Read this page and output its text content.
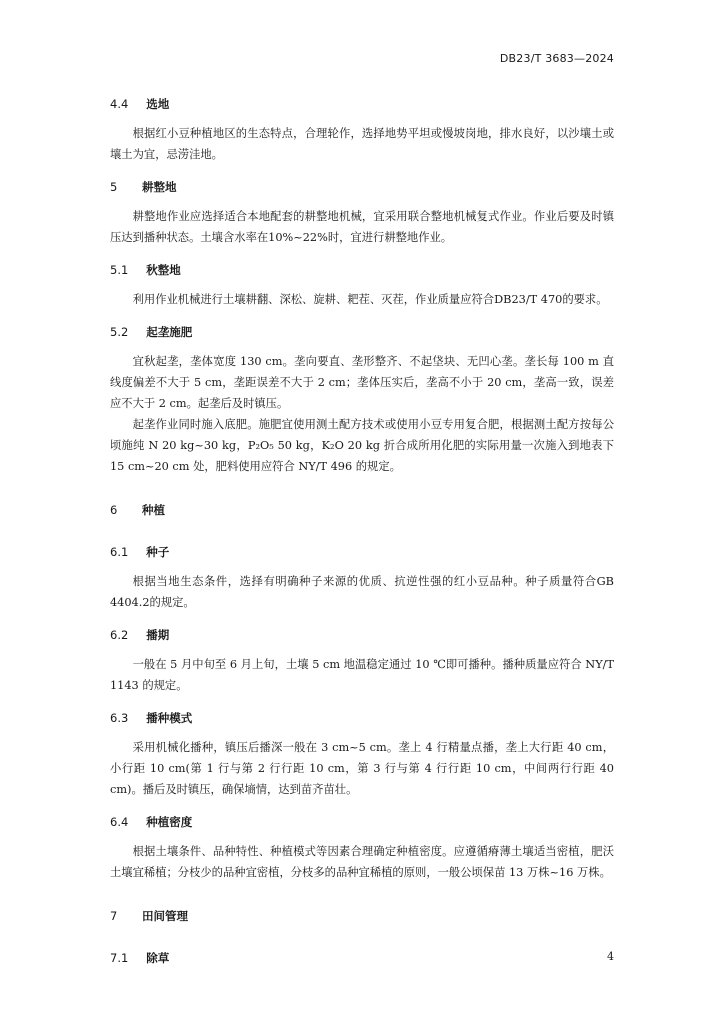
DB23/T 3683—2024
4.4 选地

根据红小豆种植地区的生态特点，合理轮作，选择地势平坦或慢坡岗地，排水良好，以沙壤土或壤土为宜，忌涝洼地。

5	耕整地

耕整地作业应选择适合本地配套的耕整地机械，宜采用联合整地机械复式作业。作业后要及时镇压达到播种状态。土壤含水率在10%~22%时，宜进行耕整地作业。

5.1 秋整地

利用作业机械进行土壤耕翻、深松、旋耕、耙茬、灭茬，作业质量应符合DB23/T 470的要求。

5.2 起垄施肥

宜秋起垄，垄体宽度 130 cm。垄向要直、垄形整齐、不起垡块、无凹心垄。垄长每 100 m 直线度偏差不大于 5 cm，垄距误差不大于 2 cm；垄体压实后，垄高不小于 20 cm，垄高一致，误差应不大于 2 cm。起垄后及时镇压。

起垄作业同时施入底肥。施肥宜使用测土配方技术或使用小豆专用复合肥，根据测土配方按每公顷施纯 N 20 kg~30 kg，P₂O₅ 50 kg，K₂O 20 kg 折合成所用化肥的实际用量一次施入到地表下 15 cm~20 cm 处，肥料使用应符合 NY/T 496 的规定。

6	种植
6.1 种子

根据当地生态条件，选择有明确种子来源的优质、抗逆性强的红小豆品种。种子质量符合GB 4404.2的规定。

6.2 播期

一般在 5 月中旬至 6 月上旬，土壤 5 cm 地温稳定通过 10 ℃即可播种。播种质量应符合 NY/T 1143 的规定。

6.3 播种模式

采用机械化播种，镇压后播深一般在 3 cm~5 cm。垄上 4 行精量点播，垄上大行距 40 cm，小行距 10 cm(第 1 行与第 2 行行距 10 cm，第 3 行与第 4 行行距 10 cm，中间两行行距 40 cm)。播后及时镇压，确保墒情，达到苗齐苗壮。

6.4 种植密度

根据土壤条件、品种特性、种植模式等因素合理确定种植密度。应遵循瘠薄土壤适当密植，肥沃土壤宜稀植；分枝少的品种宜密植，分枝多的品种宜稀植的原则，一般公顷保苗 13 万株~16 万株。

7	田间管理
7.1 除草	4
